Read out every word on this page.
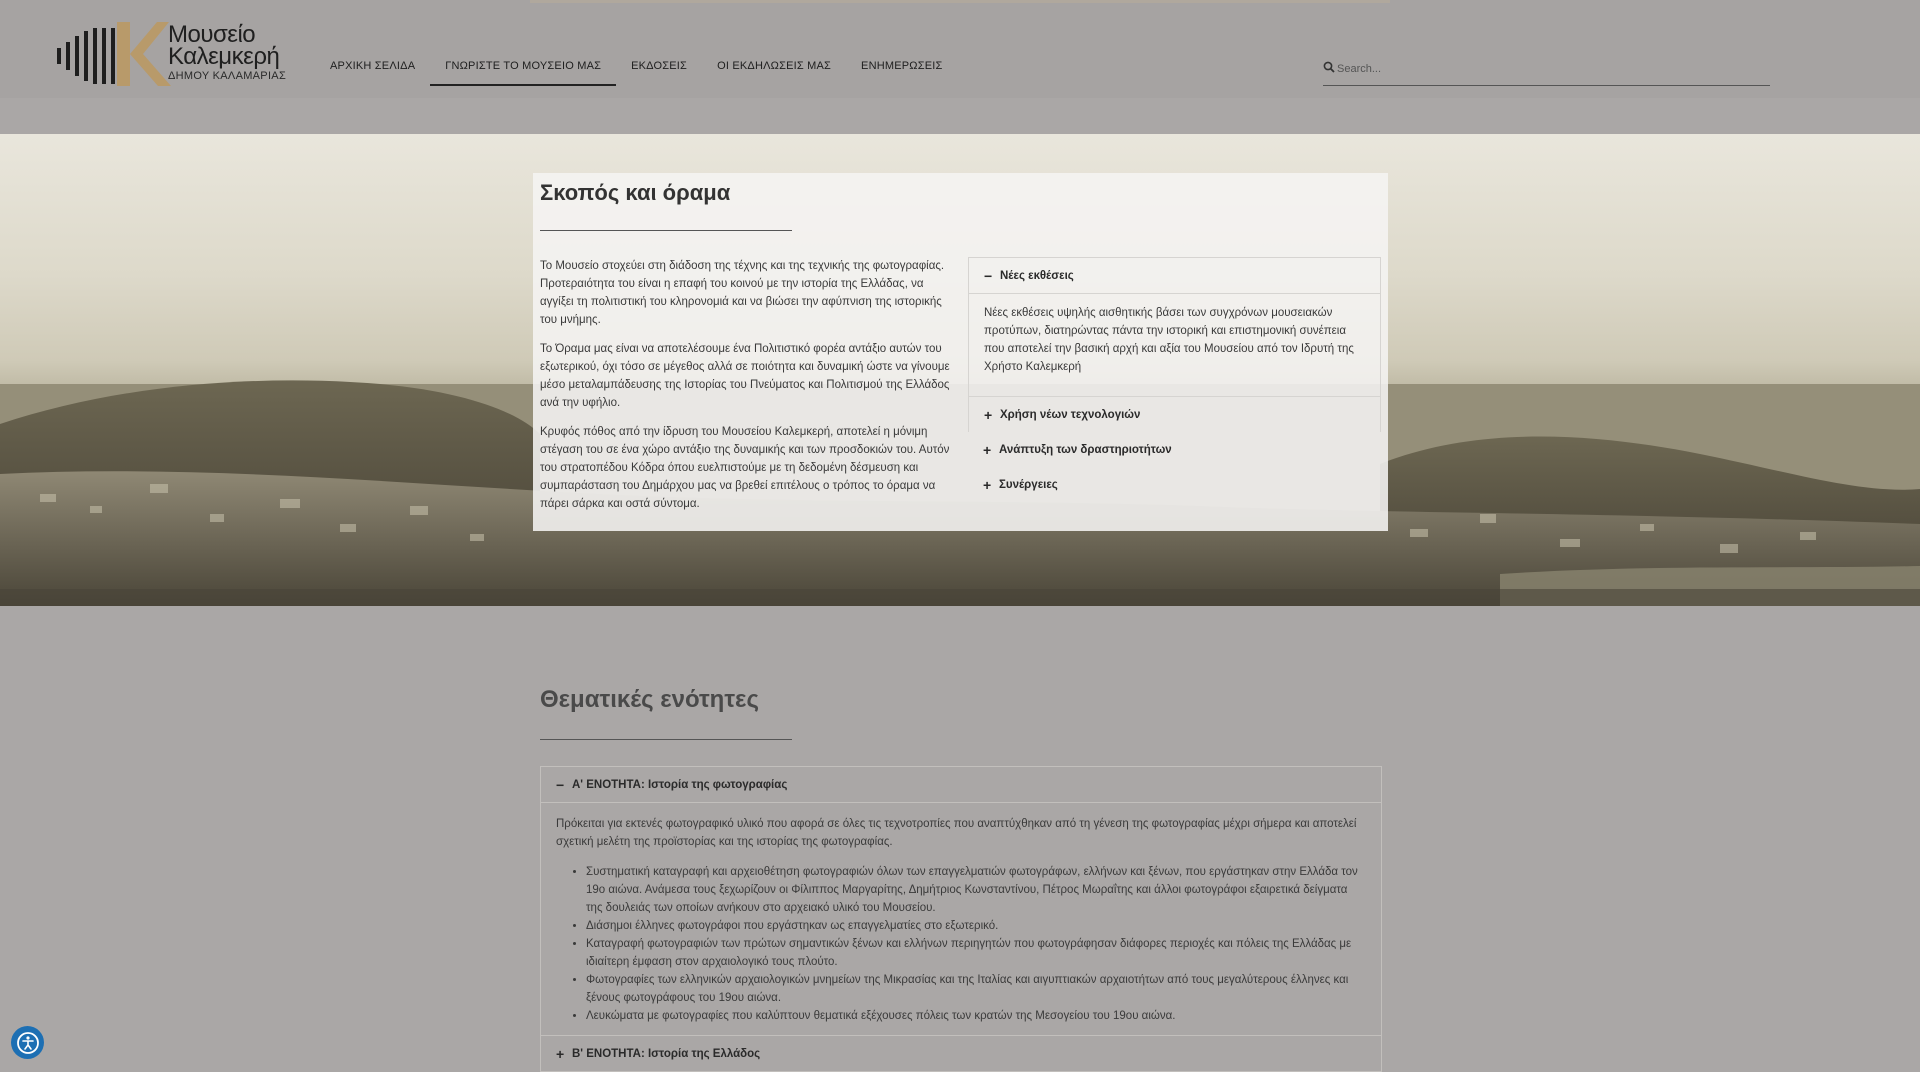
Μουσείο
Καλεμκερή
ΔΗΜΟΥ ΚΑΛΑΜΑΡΙΑΣ
ΑΡΧΙΚΗ ΣΕΛΙΔΑ	ΓΝΩΡΙΣΤΕ ΤΟ ΜΟΥΣΕΙΟ ΜΑΣ	ΕΚΔΟΣΕΙΣ	ΟΙ ΕΚΔΗΛΩΣΕΙΣ ΜΑΣ	ΕΝΗΜΕΡΩΣΕΙΣ
Search...
Σκοπός και όραμα

Το Μουσείο στοχεύει στη διάδοση της τέχνης και της τεχνικής της φωτογραφίας. Προτεραιότητα του είναι η επαφή του κοινού με την ιστορία της Ελλάδας, να αγγίξει τη πολιτιστική του κληρονομιά και να βιώσει την αφύπνιση της ιστορικής του μνήμης.

Το Όραμα μας είναι να αποτελέσουμε ένα Πολιτιστικό φορέα αντάξιο αυτών του εξωτερικού, όχι τόσο σε μέγεθος αλλά σε ποιότητα και δυναμική ώστε να γίνουμε μέσο μεταλαμπάδευσης της Ιστορίας του Πνεύματος και Πολιτισμού της Ελλάδος ανά την υφήλιο.

Κρυφός πόθος από την ίδρυση του Μουσείου Καλεμκερή, αποτελεί η μόνιμη στέγαση του σε ένα χώρο αντάξιο της δυναμικής και των προσδοκιών του. Αυτόν του στρατοπέδου Κόδρα όπου ευελπιστούμε με τη δεδομένη δέσμευση και συμπαράσταση του Δημάρχου μας να βρεθεί επιτέλους ο τρόπος το όραμα να πάρει σάρκα και οστά σύντομα.

− Νέες εκθέσεις
Νέες εκθέσεις υψηλής αισθητικής βάσει των συγχρόνων μουσειακών προτύπων, διατηρώντας πάντα την ιστορική και επιστημονική συνέπεια που αποτελεί την βασική αρχή και αξία του Μουσείου από τον Ιδρυτή της Χρήστο Καλεμκερή
+ Χρήση νέων τεχνολογιών
+ Ανάπτυξη των δραστηριοτήτων
+ Συνέργειες
Θεματικές ενότητες
− Α' ΕΝΟΤΗΤΑ: Ιστορία της φωτογραφίας

Πρόκειται για εκτενές φωτογραφικό υλικό που αφορά σε όλες τις τεχνοτροπίες που αναπτύχθηκαν από τη γένεση της φωτογραφίας μέχρι σήμερα και αποτελεί σχετική μελέτη της προϊστορίας και της ιστορίας της φωτογραφίας.

• Συστηματική καταγραφή και αρχειοθέτηση φωτογραφιών όλων των επαγγελματιών φωτογράφων, ελλήνων και ξένων, που εργάστηκαν στην Ελλάδα τον 19ο αιώνα. Ανάμεσα τους ξεχωρίζουν οι Φίλιππος Μαργαρίτης, Δημήτριος Κωνσταντίνου, Πέτρος Μωραΐτης και άλλοι φωτογράφοι εξαιρετικά δείγματα της δουλειάς των οποίων ανήκουν στο αρχειακό υλικό του Μουσείου.
• Διάσημοι έλληνες φωτογράφοι που εργάστηκαν ως επαγγελματίες στο εξωτερικό.
• Καταγραφή φωτογραφιών των πρώτων σημαντικών ξένων και ελλήνων περιηγητών που φωτογράφησαν διάφορες περιοχές και πόλεις της Ελλάδας με ιδιαίτερη έμφαση στον αρχαιολογικό τους πλούτο.
• Φωτογραφίες των ελληνικών αρχαιολογικών μνημείων της Μικρασίας και της Ιταλίας και αιγυπτιακών αρχαιοτήτων από τους μεγαλύτερους έλληνες και ξένους φωτογράφους του 19ου αιώνα.
• Λευκώματα με φωτογραφίες που καλύπτουν θεματικά εξέχουσες πόλεις των κρατών της Μεσογείου του 19ου αιώνα.
+ Β' ΕΝΟΤΗΤΑ: Ιστορία της Ελλάδος
